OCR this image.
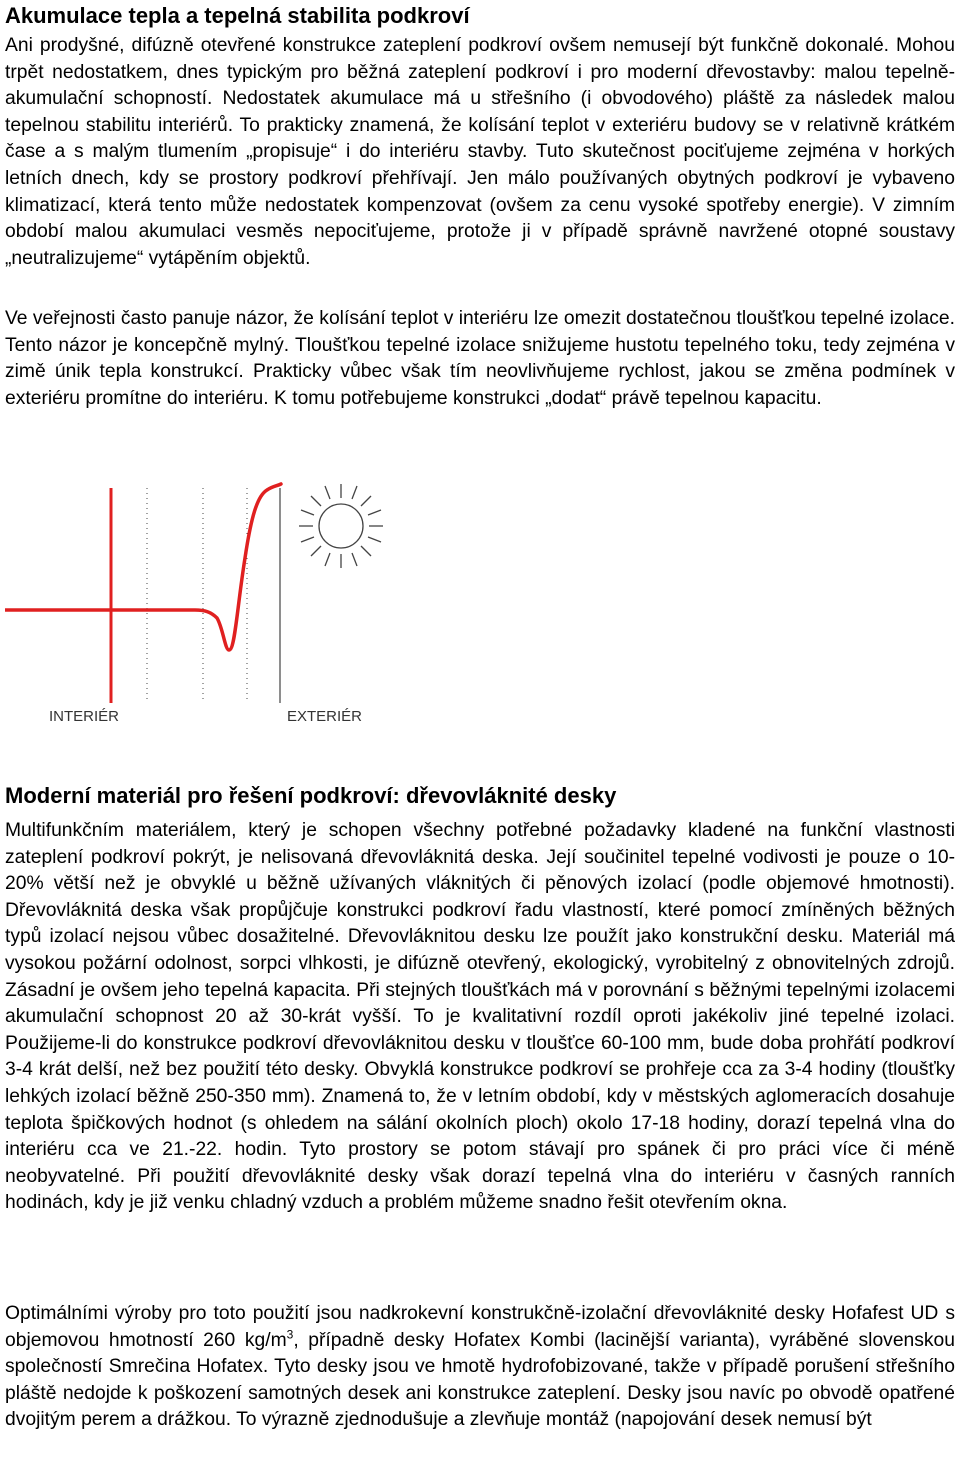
Akumulace tepla a tepelná stabilita podkroví

Ani prodyšné, difúzně otevřené konstrukce zateplení podkroví ovšem nemusejí být funkčně dokonalé. Mohou trpět nedostatkem, dnes typickým pro běžná zateplení podkroví i pro moderní dřevostavby: malou tepelně-akumulační schopností. Nedostatek akumulace má u střešního (i obvodového) pláště za následek malou tepelnou stabilitu interiérů. To prakticky znamená, že kolísání teplot v exteriéru budovy se v relativně krátkém čase a s malým tlumením „propisuje“ i do interiéru stavby. Tuto skutečnost pociťujeme zejména v horkých letních dnech, kdy se prostory podkroví přehřívají. Jen málo používaných obytných podkroví je vybaveno klimatizací, která tento může nedostatek kompenzovat (ovšem za cenu vysoké spotřeby energie). V zimním období malou akumulaci vesměs nepociťujeme, protože ji v případě správně navržené otopné soustavy „neutralizujeme“ vytápěním objektů.

Ve veřejnosti často panuje názor, že kolísání teplot v interiéru lze omezit dostatečnou tloušťkou tepelné izolace. Tento názor je koncepčně mylný. Tloušťkou tepelné izolace snižujeme hustotu tepelného toku, tedy zejména v zimě únik tepla konstrukcí. Prakticky vůbec však tím neovlivňujeme rychlost, jakou se změna podmínek v exteriéru promítne do interiéru. K tomu potřebujeme konstrukci „dodat“ právě tepelnou kapacitu.

Moderní materiál pro řešení podkroví: dřevovláknité desky

Multifunkčním materiálem, který je schopen všechny potřebné požadavky kladené na funkční vlastnosti zateplení podkroví pokrýt, je nelisovaná dřevovláknitá deska. Její součinitel tepelné vodivosti je pouze o 10-20% větší než je obvyklé u běžně užívaných vláknitých či pěnových izolací (podle objemové hmotnosti). Dřevovláknitá deska však propůjčuje konstrukci podkroví řadu vlastností, které pomocí zmíněných běžných typů izolací nejsou vůbec dosažitelné. Dřevovláknitou desku lze použít jako konstrukční desku. Materiál má vysokou požární odolnost, sorpci vlhkosti, je difúzně otevřený, ekologický, vyrobitelný z obnovitelných zdrojů. Zásadní je ovšem jeho tepelná kapacita. Při stejných tloušťkách má v porovnání s běžnými tepelnými izolacemi akumulační schopnost 20 až 30-krát vyšší. To je kvalitativní rozdíl oproti jakékoliv jiné tepelné izolaci. Použijeme-li do konstrukce podkroví dřevovláknitou desku v tloušťce 60-100 mm, bude doba prohřátí podkroví 3-4 krát delší, než bez použití této desky. Obvyklá konstrukce podkroví se prohřeje cca za 3-4 hodiny (tloušťky lehkých izolací běžně 250-350 mm). Znamená to, že v letním období, kdy v městských aglomeracích dosahuje teplota špičkových hodnot (s ohledem na sálání okolních ploch) okolo 17-18 hodiny, dorazí tepelná vlna do interiéru cca ve 21.-22. hodin. Tyto prostory se potom stávají pro spánek či pro práci více či méně neobyvatelné. Při použití dřevovláknité desky však dorazí tepelná vlna do interiéru v časných ranních hodinách, kdy je již venku chladný vzduch a problém můžeme snadno řešit otevřením okna.

Optimálními výroby pro toto použití jsou nadkrokevní konstrukčně-izolační dřevovláknité desky Hofafest UD s objemovou hmotností 260 $kg/m^3$, případně desky Hofatex Kombi (lacinější varianta), vyráběné slovenskou společností Smrečina Hofatex. Tyto desky jsou ve hmotě hydrofobizované, takže v případě porušení střešního pláště nedojde k poškození samotných desek ani konstrukce zateplení. Desky jsou navíc po obvodě opatřené dvojitým perem a drážkou. To výrazně zjednodušuje a zlevňuje montáž (napojování desek nemusí být

INTERIÉR	EXTERIÉR
